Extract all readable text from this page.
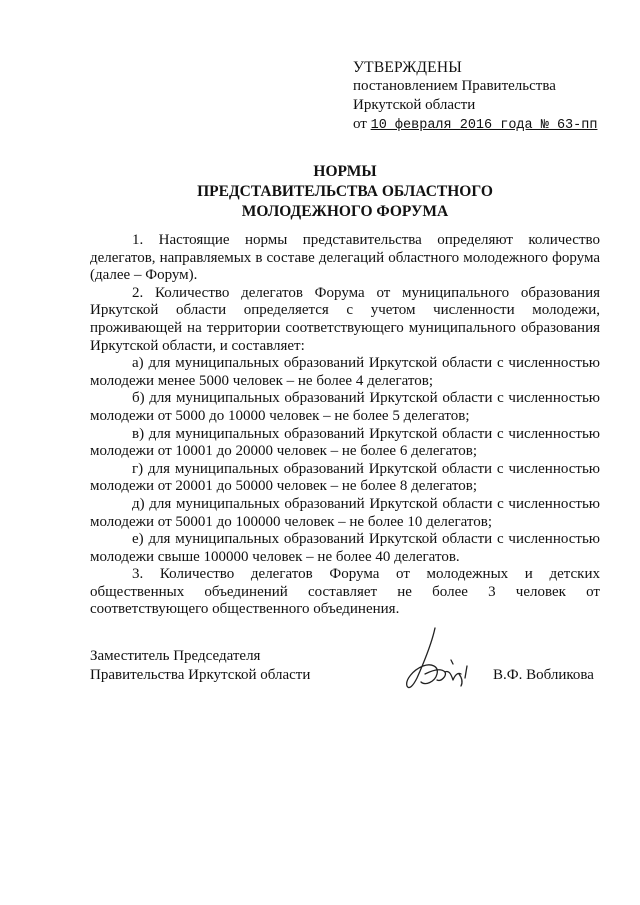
УТВЕРЖДЕНЫ
постановлением Правительства
Иркутской области
от 10 февраля 2016 года № 63-пп
НОРМЫ
ПРЕДСТАВИТЕЛЬСТВА ОБЛАСТНОГО
МОЛОДЕЖНОГО ФОРУМА

1. Настоящие нормы представительства определяют количество делегатов, направляемых в составе делегаций областного молодежного форума (далее – Форум).

2. Количество делегатов Форума от муниципального образования Иркутской области определяется с учетом численности молодежи, проживающей на территории соответствующего муниципального образования Иркутской области, и составляет:

а) для муниципальных образований Иркутской области с численностью молодежи менее 5000 человек – не более 4 делегатов;

б) для муниципальных образований Иркутской области с численностью молодежи от 5000 до 10000 человек – не более 5 делегатов;

в) для муниципальных образований Иркутской области с численностью молодежи от 10001 до 20000 человек – не более 6 делегатов;

г) для муниципальных образований Иркутской области с численностью молодежи от 20001 до 50000 человек – не более 8 делегатов;

д) для муниципальных образований Иркутской области с численностью молодежи от 50001 до 100000 человек – не более 10 делегатов;

е) для муниципальных образований Иркутской области с численностью молодежи свыше 100000 человек – не более 40 делегатов.

3. Количество делегатов Форума от молодежных и детских общественных объединений составляет не более 3 человек от соответствующего общественного объединения.

Заместитель Председателя
Правительства Иркутской области	В.Ф. Вобликова
